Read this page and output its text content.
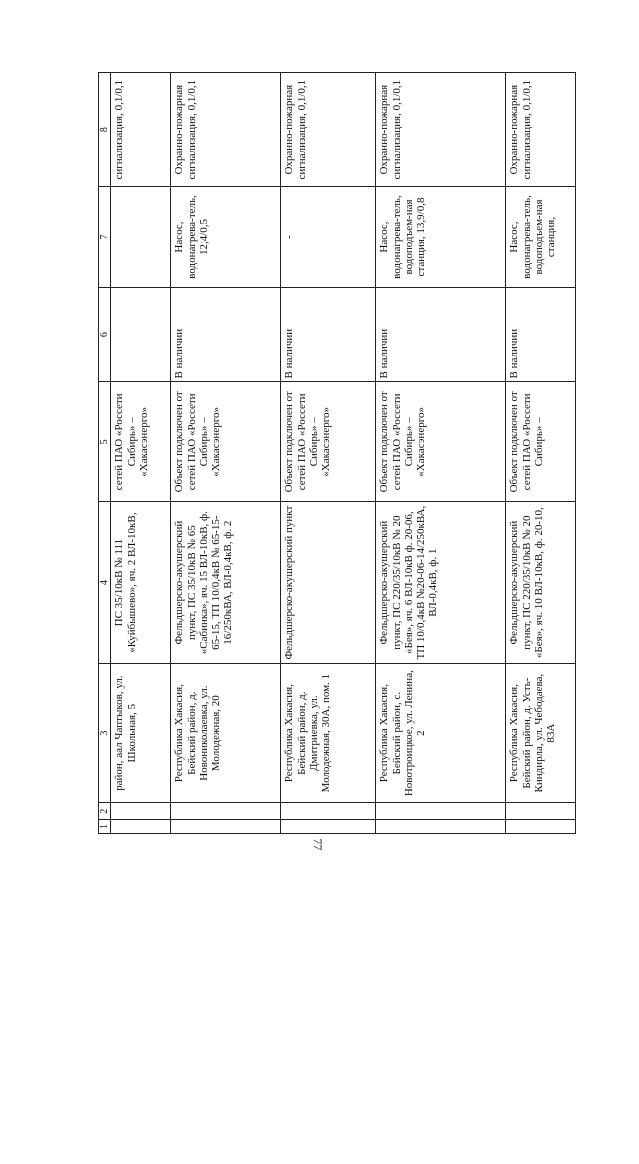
77
1	2	3	4	5	6	7	8
		район, аал Чаптыков, ул. Школьная, 5	ПС 35/10кВ № 111 «Куйбышево», яч. 2 ВЛ-10кВ,	сетей ПАО «Россети Сибирь» – «Хакасэнерго»			сигнализация, 0,1/0,1
		Республика Хакасия, Бейский район, д. Новониколаевка, ул. Молодежная, 20	Фельдшерско-акушерский пункт, ПС 35/10кВ № 65 «Сабинка», яч. 15 ВЛ-10кВ, ф. 65-15, ТП 10/0,4кВ № 65-15-16/250кВА, ВЛ-0,4кВ, ф. 2	Объект подключен от сетей ПАО «Россети Сибирь» – «Хакасэнерго»	В наличии	Насос, водонагрева-тель, 12,4/0,5	Охранно-пожарная сигнализация, 0,1/0,1
		Республика Хакасия, Бейский район, д. Дмитриевка, ул. Молодежная, 30А, пом. 1	Фельдшерско-акушерский пункт	Объект подключен от сетей ПАО «Россети Сибирь» – «Хакасэнерго»	В наличии	-	Охранно-пожарная сигнализация, 0,1/0,1
		Республика Хакасия, Бейский район, с. Новотроицкое, ул. Ленина, 2	Фельдшерско-акушерский пункт, ПС 220/35/10кВ № 20 «Бея», яч. 6 ВЛ-10кВ ф. 20-06, ТП 10/0,4кВ №20-06-14/250кВА, ВЛ-0,4кВ, ф. 1	Объект подключен от сетей ПАО «Россети Сибирь» – «Хакасэнерго»	В наличии	Насос, водонагрева-тель, водоподъем-ная станция, 13,9/0,8	Охранно-пожарная сигнализация, 0,1/0,1
		Республика Хакасия, Бейский район, д. Усть-Киндирла, ул. Чебодаева, 83А	Фельдшерско-акушерский пункт, ПС 220/35/10кВ № 20 «Бея», яч. 10 ВЛ-10кВ, ф. 20-10,	Объект подключен от сетей ПАО «Россети Сибирь» –	В наличии	Насос, водонагрева-тель, водоподъем-ная станция,	Охранно-пожарная сигнализация, 0,1/0,1
